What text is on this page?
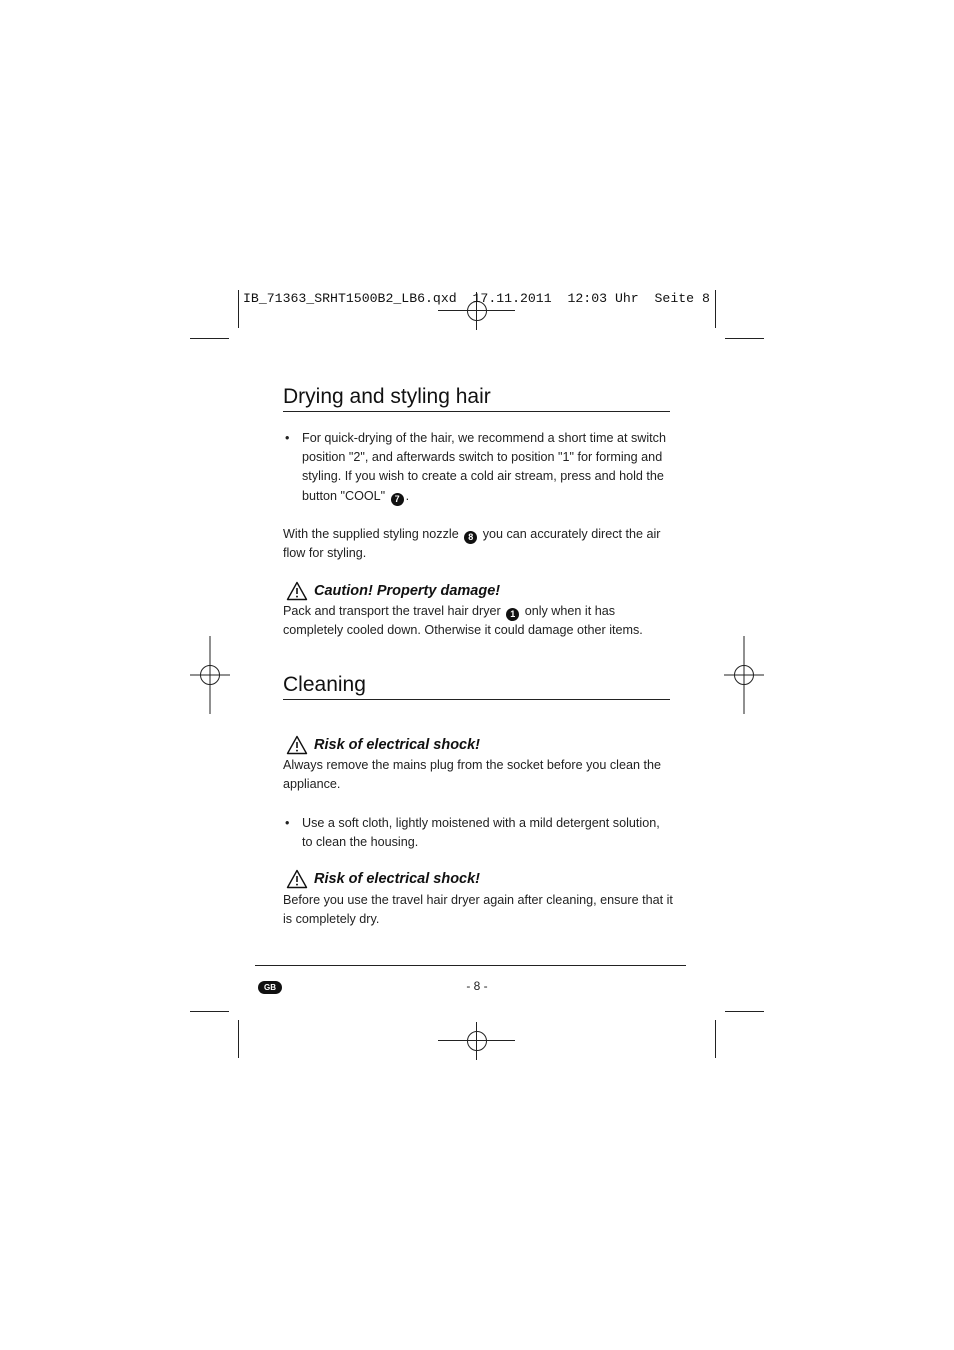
IB_71363_SRHT1500B2_LB6.qxd  17.11.2011  12:03 Uhr  Seite 8
Drying and styling hair
• For quick-drying of the hair, we recommend a short time at switch position "2", and afterwards switch to position "1" for forming and styling. If you wish to create a cold air stream, press and hold the button "COOL" 7 .

With the supplied styling nozzle 8 you can accurately direct the air flow for styling.

Caution! Property damage!

Pack and transport the travel hair dryer 1 only when it has completely cooled down. Otherwise it could damage other items.

Cleaning
Risk of electrical shock!

Always remove the mains plug from the socket before you clean the appliance.

• Use a soft cloth, lightly moistened with a mild detergent solution, to clean the housing.
Risk of electrical shock!

Before you use the travel hair dryer again after cleaning, ensure that it is completely dry.

GB	- 8 -
